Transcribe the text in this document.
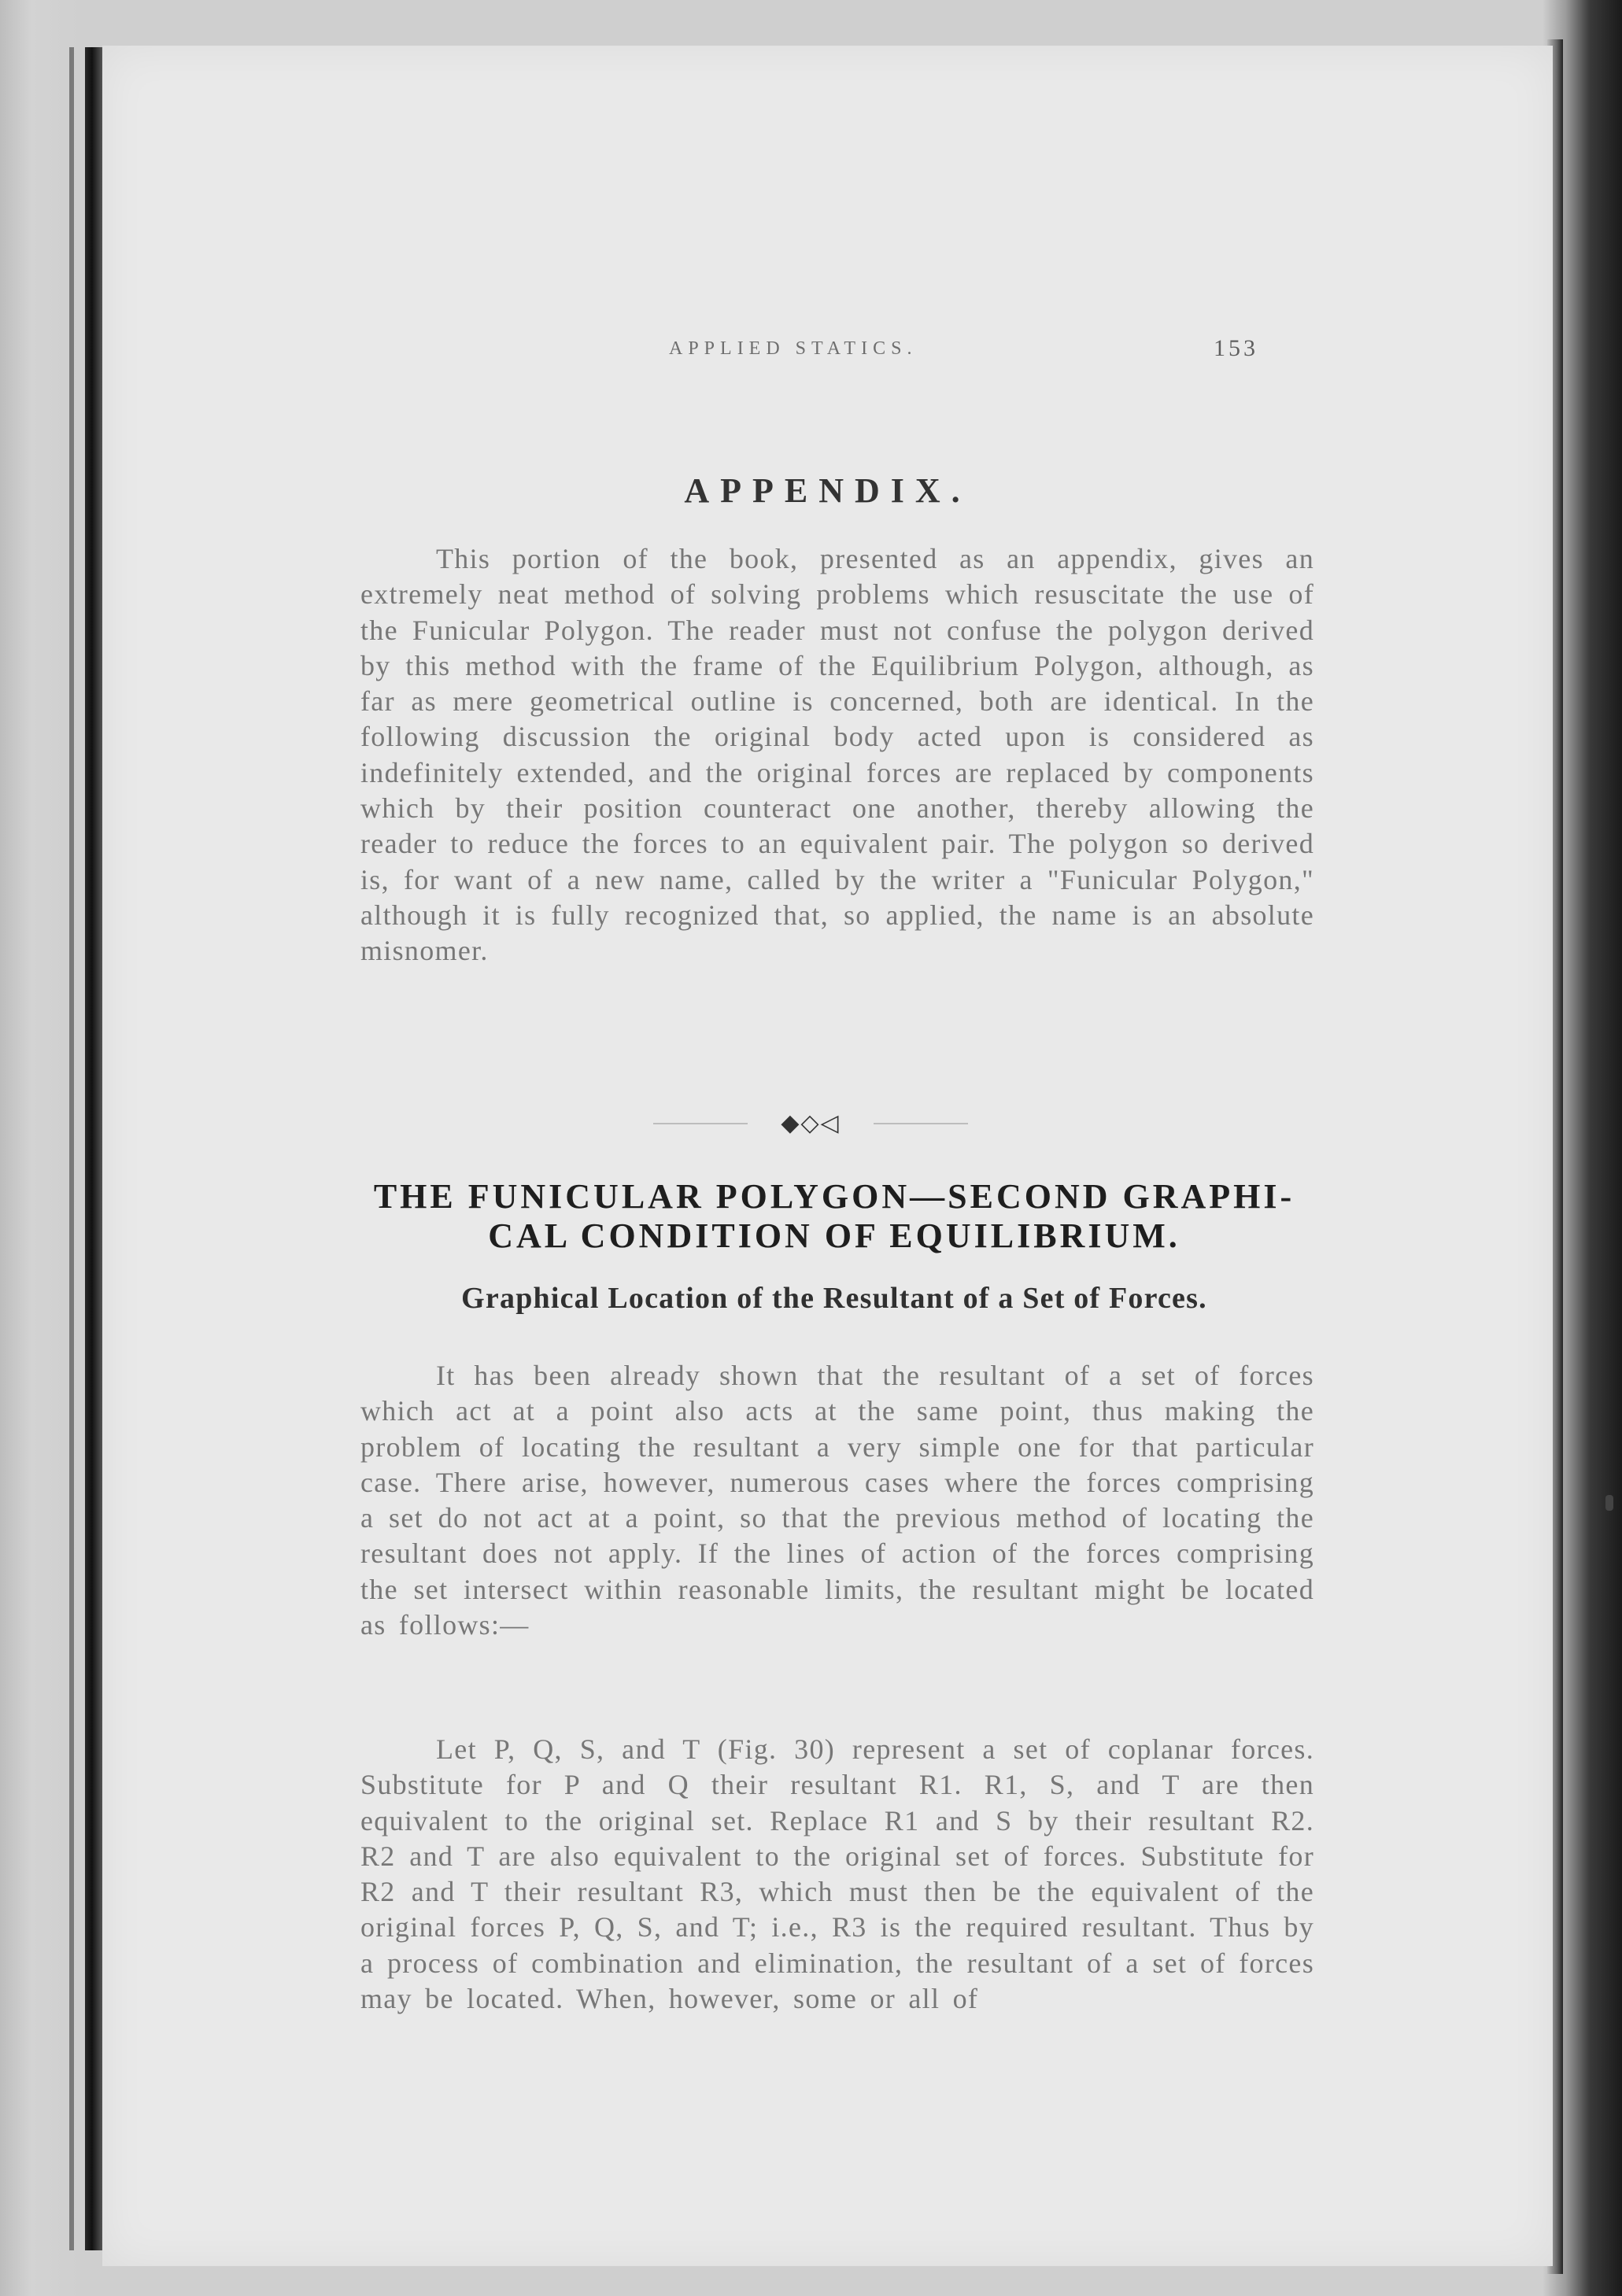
APPLIED STATICS.	153
APPENDIX.

This portion of the book, presented as an appendix, gives an extremely neat method of solving problems which resuscitate the use of the Funicular Polygon. The reader must not confuse the polygon derived by this method with the frame of the Equilibrium Polygon, although, as far as mere geometrical outline is concerned, both are identical. In the following discussion the original body acted upon is considered as indefinitely extended, and the original forces are replaced by components which by their position counteract one another, thereby allowing the reader to reduce the forces to an equivalent pair. The polygon so derived is, for want of a new name, called by the writer a "Funicular Polygon," although it is fully recognized that, so applied, the name is an absolute misnomer.

◆◇◁
THE FUNICULAR POLYGON—SECOND GRAPHI-
CAL CONDITION OF EQUILIBRIUM.
Graphical Location of the Resultant of a Set of Forces.

It has been already shown that the resultant of a set of forces which act at a point also acts at the same point, thus making the problem of locating the resultant a very simple one for that particular case. There arise, however, numerous cases where the forces comprising a set do not act at a point, so that the previous method of locating the resultant does not apply. If the lines of action of the forces comprising the set intersect within reasonable limits, the resultant might be located as follows:—

Let P, Q, S, and T (Fig. 30) represent a set of coplanar forces. Substitute for P and Q their resultant R1. R1, S, and T are then equivalent to the original set. Replace R1 and S by their resultant R2. R2 and T are also equivalent to the original set of forces. Substitute for R2 and T their resultant R3, which must then be the equivalent of the original forces P, Q, S, and T; i.e., R3 is the required resultant. Thus by a process of combination and elimination, the resultant of a set of forces may be located. When, however, some or all of
